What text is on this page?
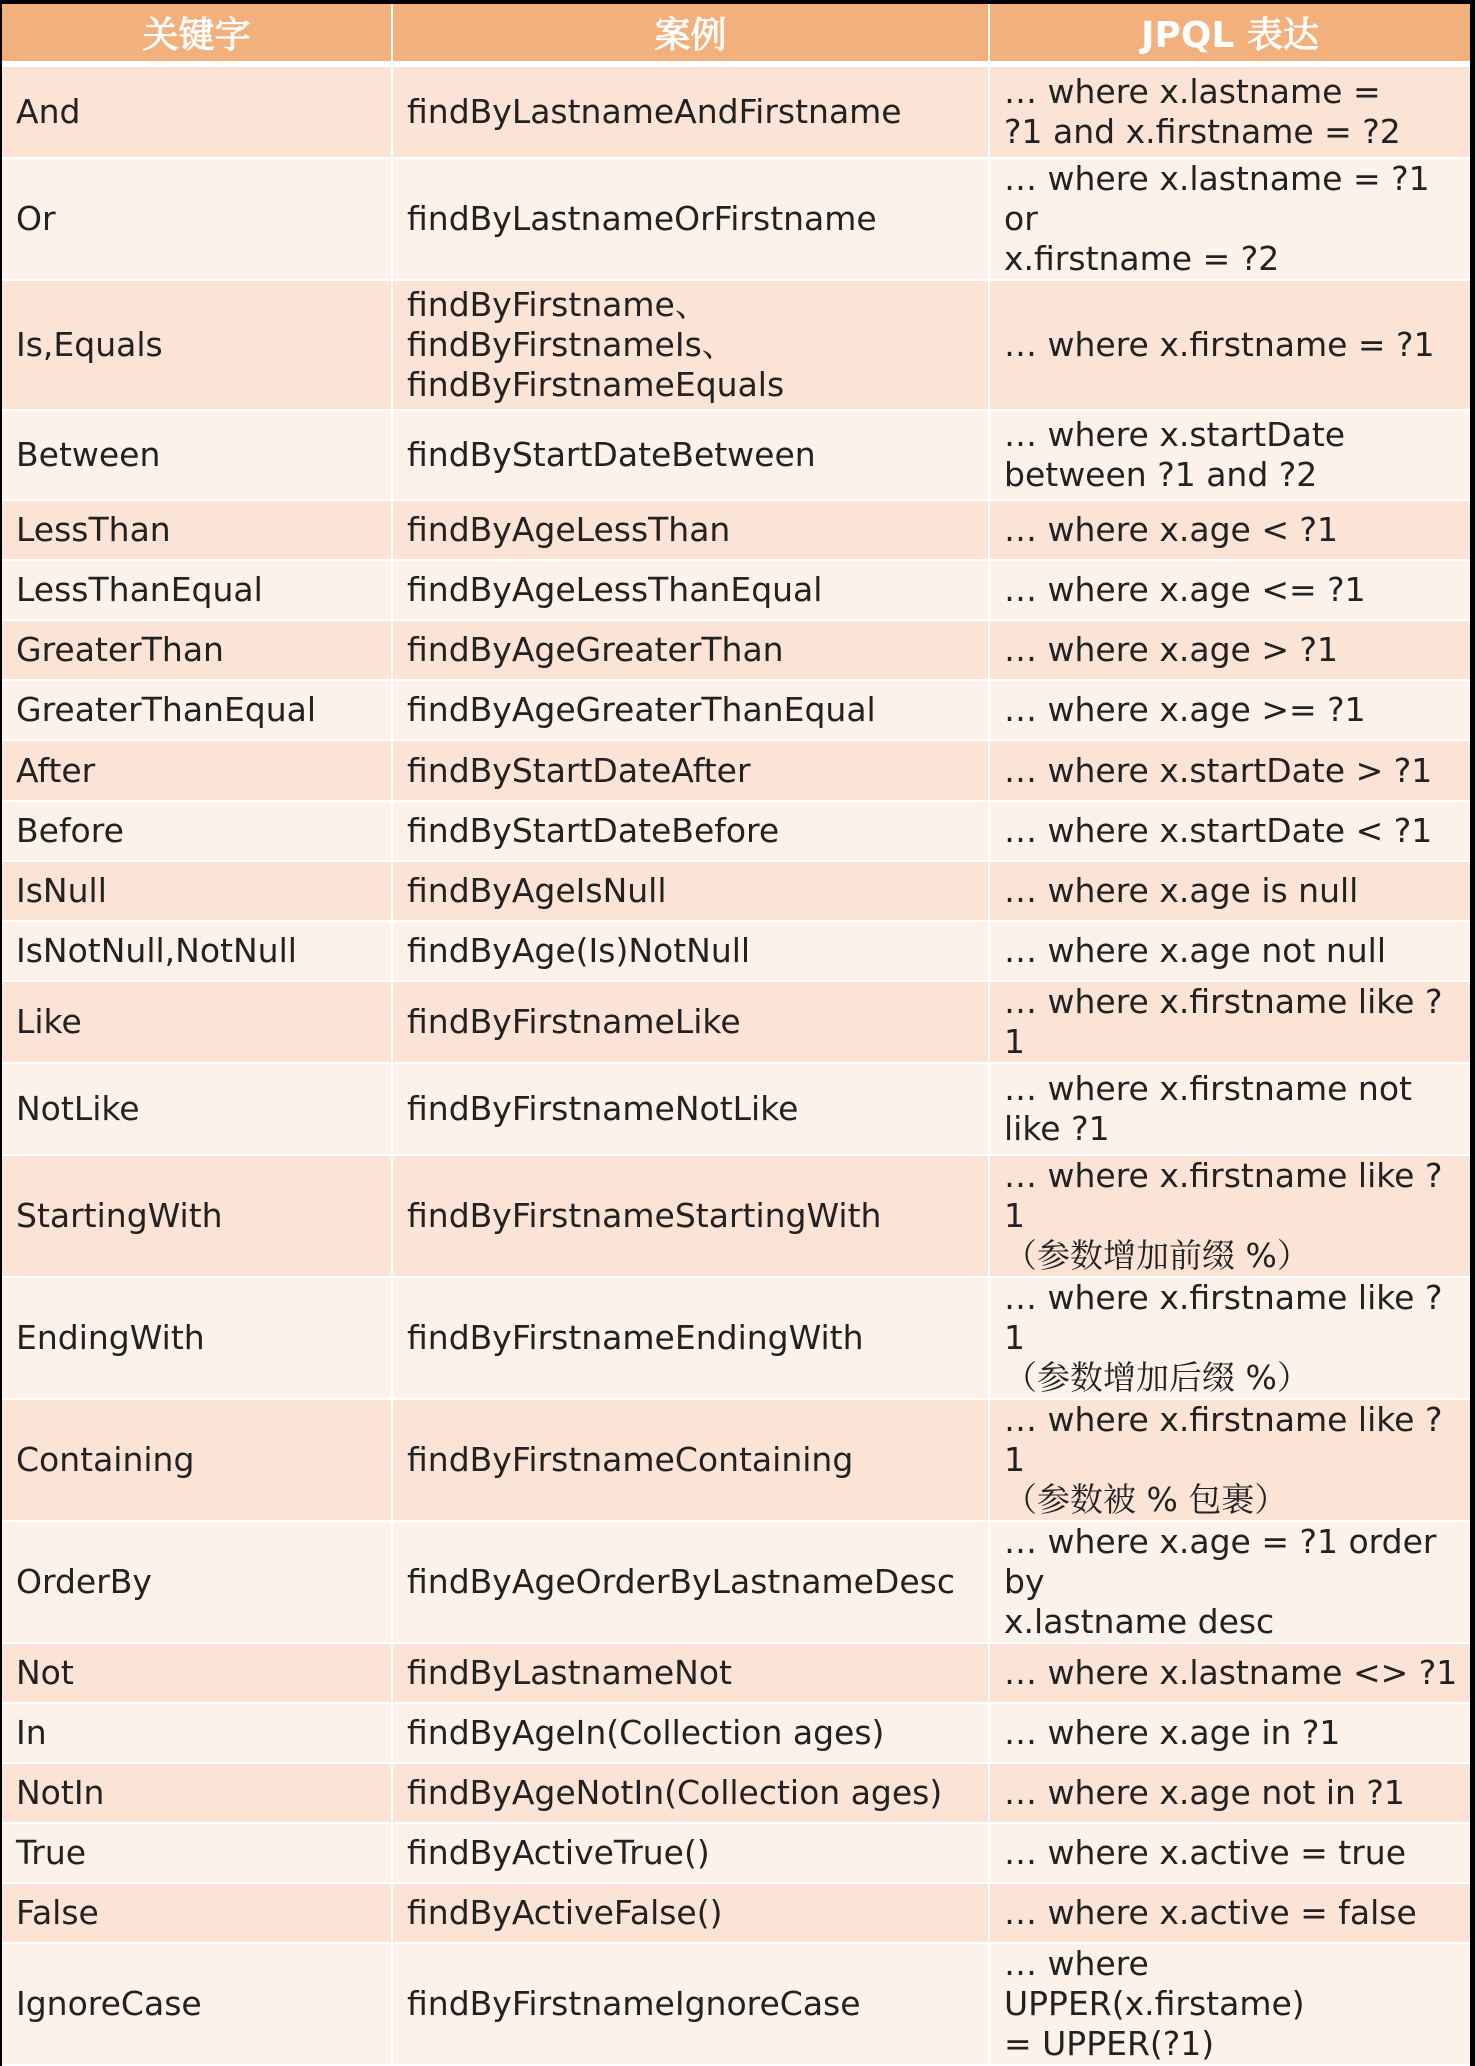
关键字	案例	JPQL 表达
And	findByLastnameAndFirstname	… where x.lastname =
?1 and x.firstname = ?2
Or	findByLastnameOrFirstname	… where x.lastname = ?1 or
x.firstname = ?2
Is,Equals	findByFirstname、
findByFirstnameIs、
findByFirstnameEquals	… where x.firstname = ?1
Between	findByStartDateBetween	… where x.startDate
between ?1 and ?2
LessThan	findByAgeLessThan	… where x.age < ?1
LessThanEqual	findByAgeLessThanEqual	… where x.age <= ?1
GreaterThan	findByAgeGreaterThan	… where x.age > ?1
GreaterThanEqual	findByAgeGreaterThanEqual	… where x.age >= ?1
After	findByStartDateAfter	… where x.startDate > ?1
Before	findByStartDateBefore	… where x.startDate < ?1
IsNull	findByAgeIsNull	… where x.age is null
IsNotNull,NotNull	findByAge(Is)NotNull	… where x.age not null
Like	findByFirstnameLike	… where x.firstname like ?1
NotLike	findByFirstnameNotLike	… where x.firstname not
like ?1
StartingWith	findByFirstnameStartingWith	… where x.firstname like ?1
（参数增加前缀 %）
EndingWith	findByFirstnameEndingWith	… where x.firstname like ?1
（参数增加后缀 %）
Containing	findByFirstnameContaining	… where x.firstname like ?1
（参数被 % 包裹）
OrderBy	findByAgeOrderByLastnameDesc	… where x.age = ?1 order by
x.lastname desc
Not	findByLastnameNot	… where x.lastname <> ?1
In	findByAgeIn(Collection ages)	… where x.age in ?1
NotIn	findByAgeNotIn(Collection ages)	… where x.age not in ?1
True	findByActiveTrue()	… where x.active = true
False	findByActiveFalse()	… where x.active = false
IgnoreCase	findByFirstnameIgnoreCase	… where UPPER(x.firstame)
= UPPER(?1)
